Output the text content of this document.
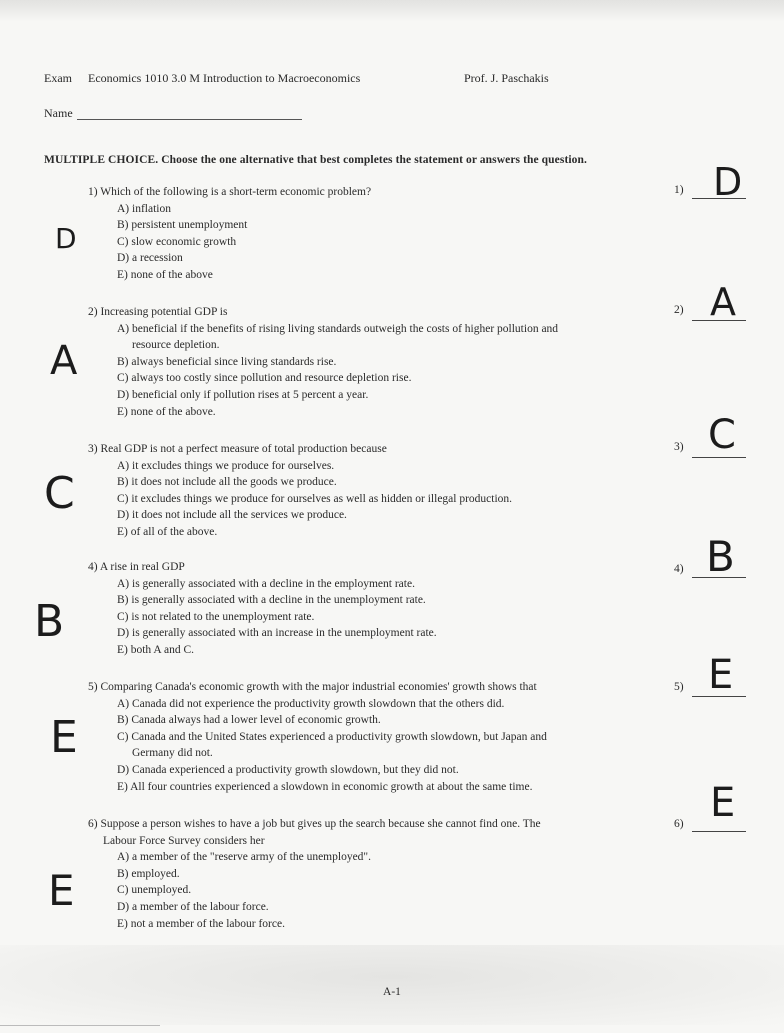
Exam Economics 1010 3.0 M Introduction to Macroeconomics	Prof. J. Paschakis
Name
MULTIPLE CHOICE. Choose the one alternative that best completes the statement or answers the question.
1) Which of the following is a short-term economic problem?
A) inflation
B) persistent unemployment
C) slow economic growth
D) a recession
E) none of the above
1) D
D
2) Increasing potential GDP is
A) beneficial if the benefits of rising living standards outweigh the costs of higher pollution and
resource depletion.
B) always beneficial since living standards rise.
C) always too costly since pollution and resource depletion rise.
D) beneficial only if pollution rises at 5 percent a year.
E) none of the above.
2) A
A
3) Real GDP is not a perfect measure of total production because
A) it excludes things we produce for ourselves.
B) it does not include all the goods we produce.
C) it excludes things we produce for ourselves as well as hidden or illegal production.
D) it does not include all the services we produce.
E) of all of the above.
3) C
C
4) A rise in real GDP
A) is generally associated with a decline in the employment rate.
B) is generally associated with a decline in the unemployment rate.
C) is not related to the unemployment rate.
D) is generally associated with an increase in the unemployment rate.
E) both A and C.
4) B
B
5) Comparing Canada's economic growth with the major industrial economies' growth shows that
A) Canada did not experience the productivity growth slowdown that the others did.
B) Canada always had a lower level of economic growth.
C) Canada and the United States experienced a productivity growth slowdown, but Japan and
Germany did not.
D) Canada experienced a productivity growth slowdown, but they did not.
E) All four countries experienced a slowdown in economic growth at about the same time.
5) E
E
6) Suppose a person wishes to have a job but gives up the search because she cannot find one. The
Labour Force Survey considers her
A) a member of the "reserve army of the unemployed".
B) employed.
C) unemployed.
D) a member of the labour force.
E) not a member of the labour force.
6) E
E
A-1
